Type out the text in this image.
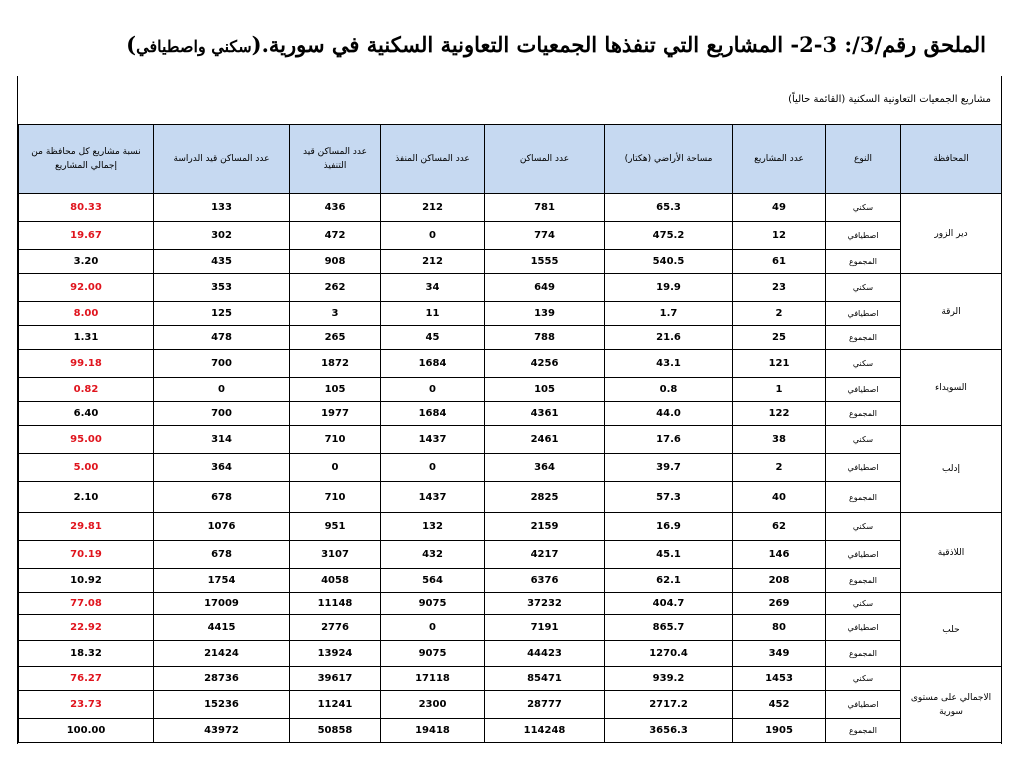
الملحق رقم/3/: 3-2- المشاريع التي تنفذها الجمعيات التعاونية السكنية في سورية.(سكني واصطيافي)
مشاريع الجمعيات التعاونية السكنية (القائمة حالياً)
نسبة مشاريع كل محافظة من إجمالي المشاريع	عدد المساكن قيد الدراسة	عدد المساكن قيد التنفيذ	عدد المساكن المنفذ	عدد المساكن	مساحة الأراضي (هكتار)	عدد المشاريع	النوع	المحافظة

80.33	133	436	212	781	65.3	49	سكني	دير الزور
19.67	302	472	0	774	475.2	12	اصطيافي	
3.20	435	908	212	1555	540.5	61	المجموع	
92.00	353	262	34	649	19.9	23	سكني	الرقة
8.00	125	3	11	139	1.7	2	اصطيافي	
1.31	478	265	45	788	21.6	25	المجموع	
99.18	700	1872	1684	4256	43.1	121	سكني	السويداء
0.82	0	105	0	105	0.8	1	اصطيافي	
6.40	700	1977	1684	4361	44.0	122	المجموع	
95.00	314	710	1437	2461	17.6	38	سكني	إدلب
5.00	364	0	0	364	39.7	2	اصطيافي	
2.10	678	710	1437	2825	57.3	40	المجموع	
29.81	1076	951	132	2159	16.9	62	سكني	اللاذقية
70.19	678	3107	432	4217	45.1	146	اصطيافي	
10.92	1754	4058	564	6376	62.1	208	المجموع	
77.08	17009	11148	9075	37232	404.7	269	سكني	حلب
22.92	4415	2776	0	7191	865.7	80	اصطيافي	
18.32	21424	13924	9075	44423	1270.4	349	المجموع	
76.27	28736	39617	17118	85471	939.2	1453	سكني	الاجمالي على مستوى سورية
23.73	15236	11241	2300	28777	2717.2	452	اصطيافي	
100.00	43972	50858	19418	114248	3656.3	1905	المجموع	
